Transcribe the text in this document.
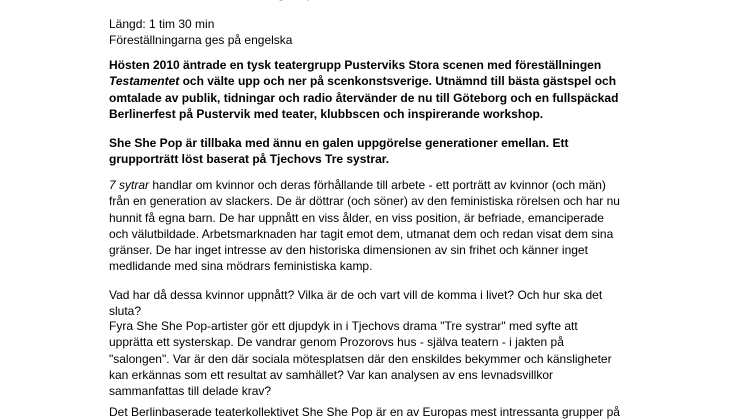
Längd: 1 tim 30 min
Föreställningarna ges på engelska
Hösten 2010 äntrade en tysk teatergrupp Pusterviks Stora scenen med föreställningen
Testamentet och välte upp och ner på scenkonstsverige. Utnämnd till bästa gästspel och
omtalade av publik, tidningar och radio återvänder de nu till Göteborg och en fullspäckad
Berlinerfest på Pustervik med teater, klubbscen och inspirerande workshop.
She She Pop är tillbaka med ännu en galen uppgörelse generationer emellan. Ett
grupporträtt löst baserat på Tjechovs Tre systrar.
7 sytrar handlar om kvinnor och deras förhållande till arbete - ett porträtt av kvinnor (och män)
från en generation av slackers. De är döttrar (och söner) av den feministiska rörelsen och har nu
hunnit få egna barn. De har uppnått en viss ålder, en viss position, är befriade, emanciperade
och välutbildade. Arbetsmarknaden har tagit emot dem, utmanat dem och redan visat dem sina
gränser. De har inget intresse av den historiska dimensionen av sin frihet och känner inget
medlidande med sina mödrars feministiska kamp.
Vad har då dessa kvinnor uppnått? Vilka är de och vart vill de komma i livet? Och hur ska det
sluta?
Fyra She She Pop-artister gör ett djupdyk in i Tjechovs drama "Tre systrar" med syfte att
upprätta ett systerskap. De vandrar genom Prozorovs hus - själva teatern - i jakten på
"salongen". Var är den där sociala mötesplatsen där den enskildes bekymmer och känsligheter
kan erkännas som ett resultat av samhället? Var kan analysen av ens levnadsvillkor
sammanfattas till delade krav?
Det Berlinbaserade teaterkollektivet She She Pop är en av Europas mest intressanta grupper på
